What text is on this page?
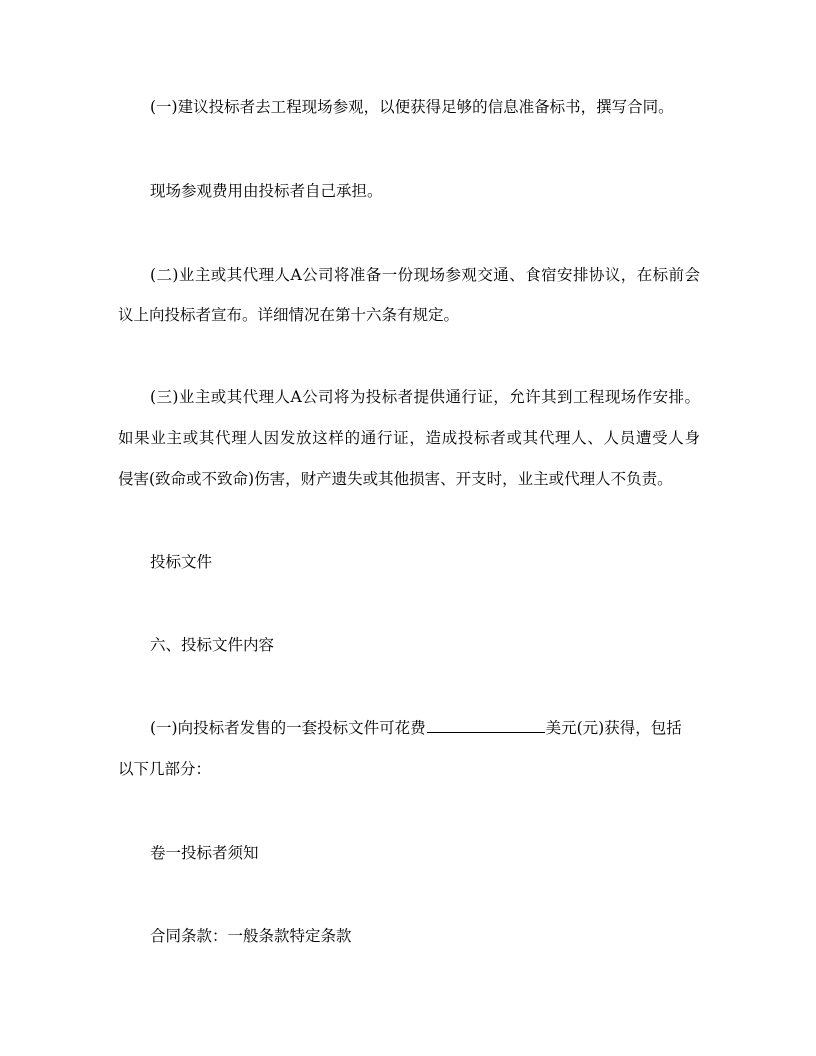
(一)建议投标者去工程现场参观，以便获得足够的信息准备标书，撰写合同。
现场参观费用由投标者自己承担。
(二)业主或其代理人A公司将准备一份现场参观交通、食宿安排协议，在标前会
议上向投标者宣布。详细情况在第十六条有规定。
(三)业主或其代理人A公司将为投标者提供通行证，允许其到工程现场作安排。
如果业主或其代理人因发放这样的通行证，造成投标者或其代理人、人员遭受人身
侵害(致命或不致命)伤害，财产遗失或其他损害、开支时，业主或代理人不负责。
投标文件
六、投标文件内容
(一)向投标者发售的一套投标文件可花费	美元(元)获得，包括
以下几部分：
卷一投标者须知
合同条款：一般条款特定条款
